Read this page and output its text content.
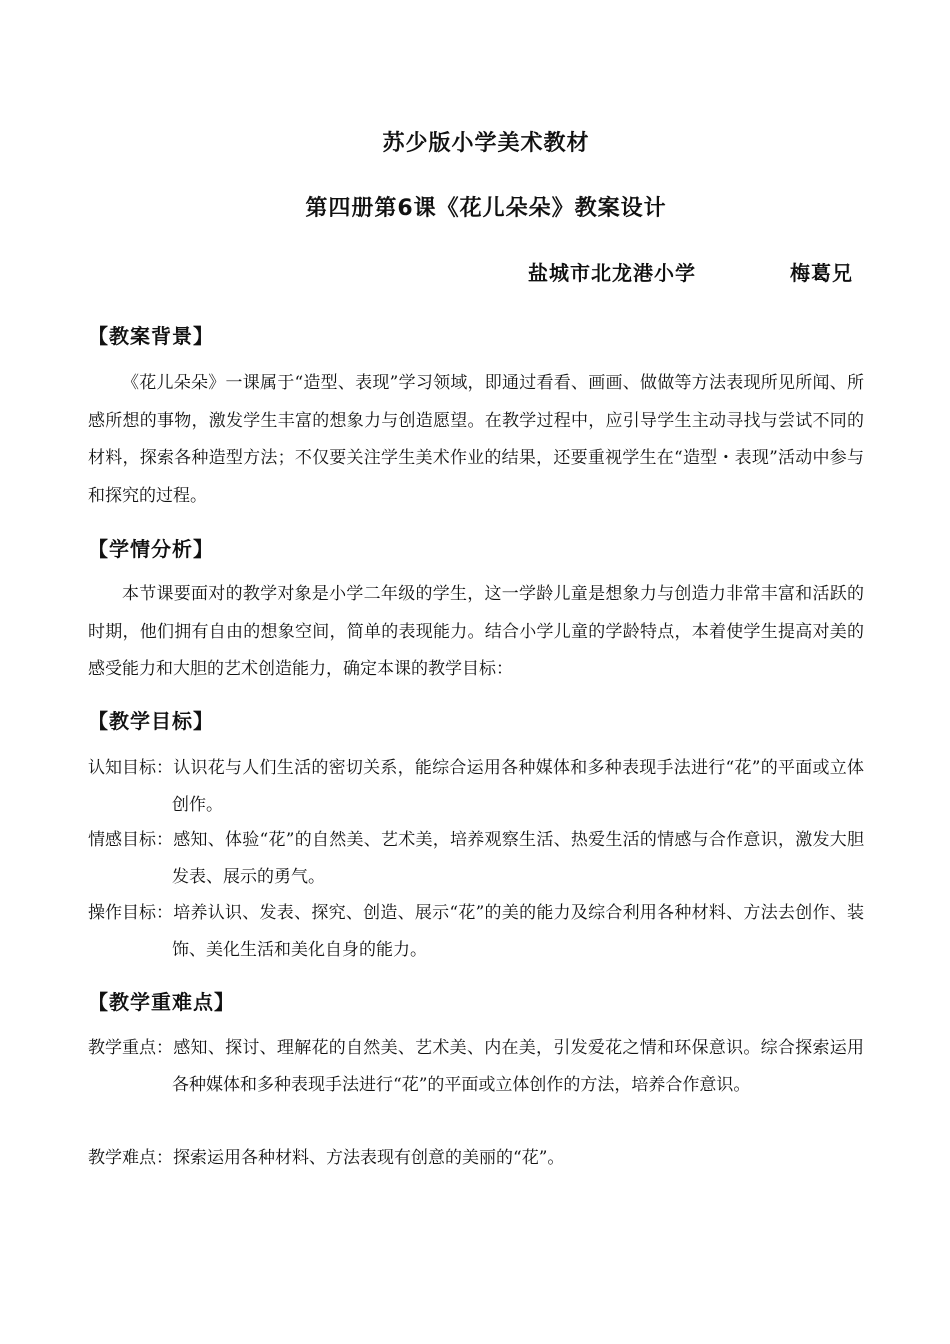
苏少版小学美术教材
第四册第6课《花儿朵朵》教案设计
盐城市北龙港小学	梅葛兄
【教案背景】

《花儿朵朵》一课属于“造型、表现”学习领域，即通过看看、画画、做做等方法表现所见所闻、所感所想的事物，激发学生丰富的想象力与创造愿望。在教学过程中，应引导学生主动寻找与尝试不同的材料，探索各种造型方法；不仅要关注学生美术作业的结果，还要重视学生在“造型・表现”活动中参与和探究的过程。

【学情分析】

本节课要面对的教学对象是小学二年级的学生，这一学龄儿童是想象力与创造力非常丰富和活跃的时期，他们拥有自由的想象空间，简单的表现能力。结合小学儿童的学龄特点，本着使学生提高对美的感受能力和大胆的艺术创造能力，确定本课的教学目标：

【教学目标】

认知目标：认识花与人们生活的密切关系，能综合运用各种媒体和多种表现手法进行“花”的平面或立体创作。

情感目标：感知、体验“花”的自然美、艺术美，培养观察生活、热爱生活的情感与合作意识，激发大胆发表、展示的勇气。

操作目标：培养认识、发表、探究、创造、展示“花”的美的能力及综合利用各种材料、方法去创作、装饰、美化生活和美化自身的能力。

【教学重难点】

教学重点：感知、探讨、理解花的自然美、艺术美、内在美，引发爱花之情和环保意识。综合探索运用各种媒体和多种表现手法进行“花”的平面或立体创作的方法，培养合作意识。

教学难点：探索运用各种材料、方法表现有创意的美丽的“花”。
